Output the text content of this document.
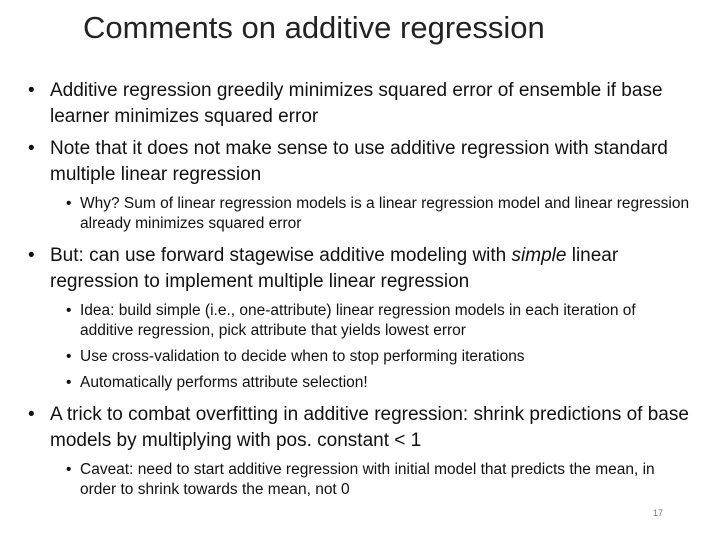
Comments on additive regression
• Additive regression greedily minimizes squared error of ensemble if base learner minimizes squared error
• Note that it does not make sense to use additive regression with standard multiple linear regression
• Why? Sum of linear regression models is a linear regression model and linear regression already minimizes squared error
• But: can use forward stagewise additive modeling with simple linear regression to implement multiple linear regression
• Idea: build simple (i.e., one-attribute) linear regression models in each iteration of additive regression, pick attribute that yields lowest error
• Use cross-validation to decide when to stop performing iterations
• Automatically performs attribute selection!
• A trick to combat overfitting in additive regression: shrink predictions of base models by multiplying with pos. constant < 1
• Caveat: need to start additive regression with initial model that predicts the mean, in order to shrink towards the mean, not 0
17
